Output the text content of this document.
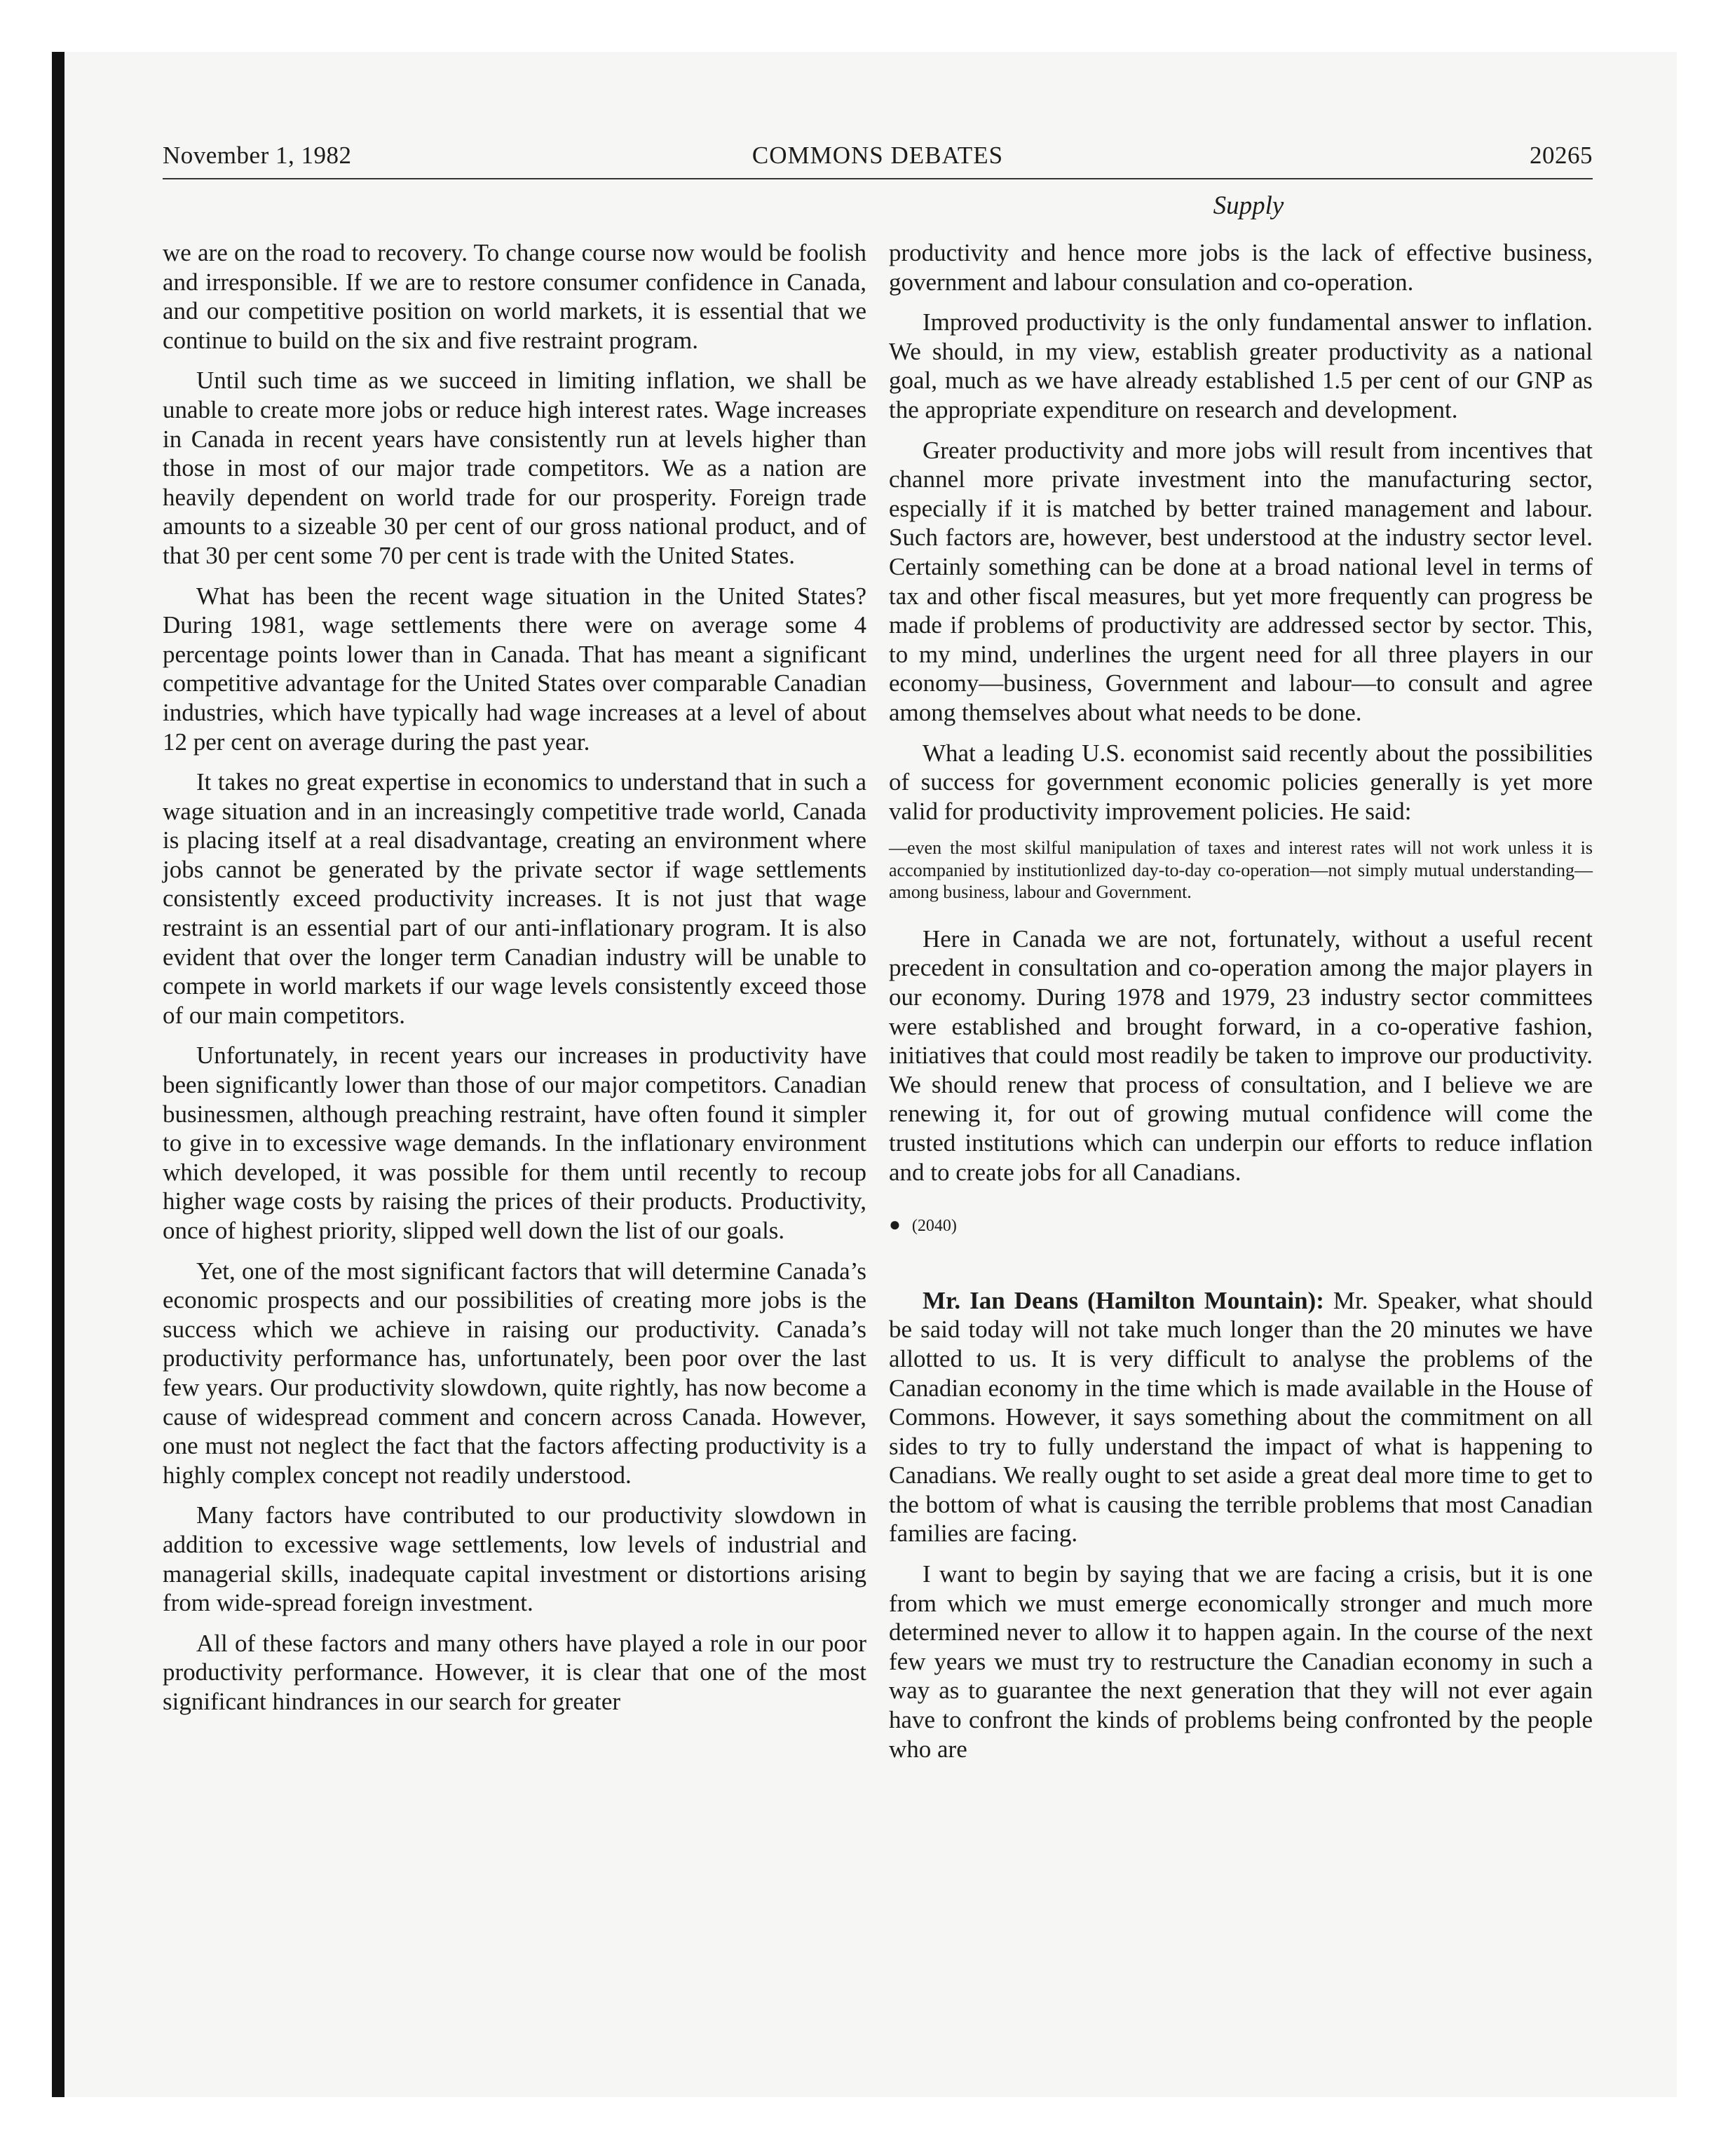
November 1, 1982	COMMONS DEBATES	20265
Supply

we are on the road to recovery. To change course now would be foolish and irresponsible. If we are to restore consumer confidence in Canada, and our competitive position on world markets, it is essential that we continue to build on the six and five restraint program.

Until such time as we succeed in limiting inflation, we shall be unable to create more jobs or reduce high interest rates. Wage increases in Canada in recent years have consistently run at levels higher than those in most of our major trade competitors. We as a nation are heavily dependent on world trade for our prosperity. Foreign trade amounts to a sizeable 30 per cent of our gross national product, and of that 30 per cent some 70 per cent is trade with the United States.

What has been the recent wage situation in the United States? During 1981, wage settlements there were on average some 4 percentage points lower than in Canada. That has meant a significant competitive advantage for the United States over comparable Canadian industries, which have typically had wage increases at a level of about 12 per cent on average during the past year.

It takes no great expertise in economics to understand that in such a wage situation and in an increasingly competitive trade world, Canada is placing itself at a real disadvantage, creating an environment where jobs cannot be generated by the private sector if wage settlements consistently exceed productivity increases. It is not just that wage restraint is an essential part of our anti-inflationary program. It is also evident that over the longer term Canadian industry will be unable to compete in world markets if our wage levels consistently exceed those of our main competitors.

Unfortunately, in recent years our increases in productivity have been significantly lower than those of our major competitors. Canadian businessmen, although preaching restraint, have often found it simpler to give in to excessive wage demands. In the inflationary environment which developed, it was possible for them until recently to recoup higher wage costs by raising the prices of their products. Productivity, once of highest priority, slipped well down the list of our goals.

Yet, one of the most significant factors that will determine Canada’s economic prospects and our possibilities of creating more jobs is the success which we achieve in raising our productivity. Canada’s productivity performance has, unfortunately, been poor over the last few years. Our productivity slowdown, quite rightly, has now become a cause of widespread comment and concern across Canada. However, one must not neglect the fact that the factors affecting productivity is a highly complex concept not readily understood.

Many factors have contributed to our productivity slowdown in addition to excessive wage settlements, low levels of industrial and managerial skills, inadequate capital investment or distortions arising from wide-spread foreign investment.

All of these factors and many others have played a role in our poor productivity performance. However, it is clear that one of the most significant hindrances in our search for greater

productivity and hence more jobs is the lack of effective business, government and labour consulation and co-operation.

Improved productivity is the only fundamental answer to inflation. We should, in my view, establish greater productivity as a national goal, much as we have already established 1.5 per cent of our GNP as the appropriate expenditure on research and development.

Greater productivity and more jobs will result from incentives that channel more private investment into the manufacturing sector, especially if it is matched by better trained management and labour. Such factors are, however, best understood at the industry sector level. Certainly something can be done at a broad national level in terms of tax and other fiscal measures, but yet more frequently can progress be made if problems of productivity are addressed sector by sector. This, to my mind, underlines the urgent need for all three players in our economy—business, Government and labour—to consult and agree among themselves about what needs to be done.

What a leading U.S. economist said recently about the possibilities of success for government economic policies generally is yet more valid for productivity improvement policies. He said:

—even the most skilful manipulation of taxes and interest rates will not work unless it is accompanied by institutionlized day-to-day co-operation—not simply mutual understanding—among business, labour and Government.

Here in Canada we are not, fortunately, without a useful recent precedent in consultation and co-operation among the major players in our economy. During 1978 and 1979, 23 industry sector committees were established and brought forward, in a co-operative fashion, initiatives that could most readily be taken to improve our productivity. We should renew that process of consultation, and I believe we are renewing it, for out of growing mutual confidence will come the trusted institutions which can underpin our efforts to reduce inflation and to create jobs for all Canadians.

● (2040)

Mr. Ian Deans (Hamilton Mountain): Mr. Speaker, what should be said today will not take much longer than the 20 minutes we have allotted to us. It is very difficult to analyse the problems of the Canadian economy in the time which is made available in the House of Commons. However, it says something about the commitment on all sides to try to fully understand the impact of what is happening to Canadians. We really ought to set aside a great deal more time to get to the bottom of what is causing the terrible problems that most Canadian families are facing.

I want to begin by saying that we are facing a crisis, but it is one from which we must emerge economically stronger and much more determined never to allow it to happen again. In the course of the next few years we must try to restructure the Canadian economy in such a way as to guarantee the next generation that they will not ever again have to confront the kinds of problems being confronted by the people who are
